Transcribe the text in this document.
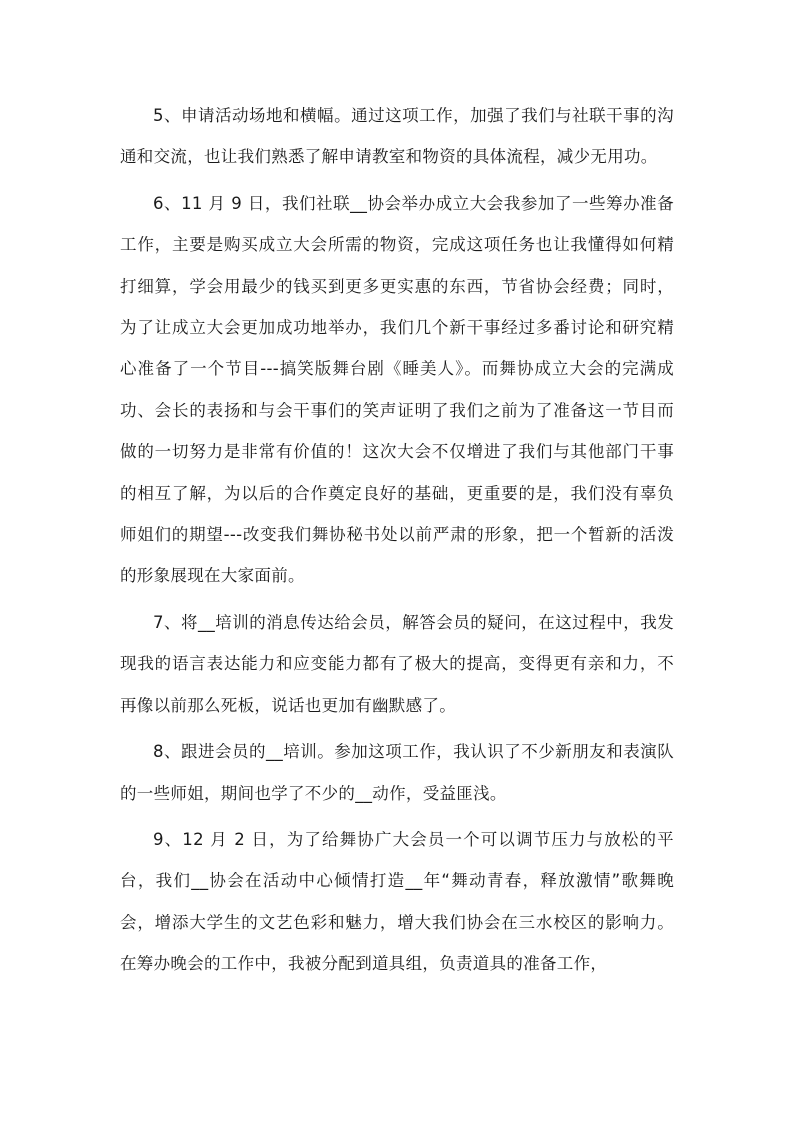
5、申请活动场地和横幅。通过这项工作，加强了我们与社联干事的沟通和交流，也让我们熟悉了解申请教室和物资的具体流程，减少无用功。

6、11 月 9 日，我们社联__协会举办成立大会我参加了一些筹办准备工作，主要是购买成立大会所需的物资，完成这项任务也让我懂得如何精打细算，学会用最少的钱买到更多更实惠的东西，节省协会经费；同时，为了让成立大会更加成功地举办，我们几个新干事经过多番讨论和研究精心准备了一个节目---搞笑版舞台剧《睡美人》。而舞协成立大会的完满成功、会长的表扬和与会干事们的笑声证明了我们之前为了准备这一节目而做的一切努力是非常有价值的！这次大会不仅增进了我们与其他部门干事的相互了解，为以后的合作奠定良好的基础，更重要的是，我们没有辜负师姐们的期望---改变我们舞协秘书处以前严肃的形象，把一个暂新的活泼的形象展现在大家面前。

7、将__培训的消息传达给会员，解答会员的疑问，在这过程中，我发现我的语言表达能力和应变能力都有了极大的提高，变得更有亲和力，不再像以前那么死板，说话也更加有幽默感了。

8、跟进会员的__培训。参加这项工作，我认识了不少新朋友和表演队的一些师姐，期间也学了不少的__动作，受益匪浅。

9、12 月 2 日，为了给舞协广大会员一个可以调节压力与放松的平台，我们__协会在活动中心倾情打造__年“舞动青春，释放激情”歌舞晚会，增添大学生的文艺色彩和魅力，增大我们协会在三水校区的影响力。在筹办晚会的工作中，我被分配到道具组，负责道具的准备工作，
